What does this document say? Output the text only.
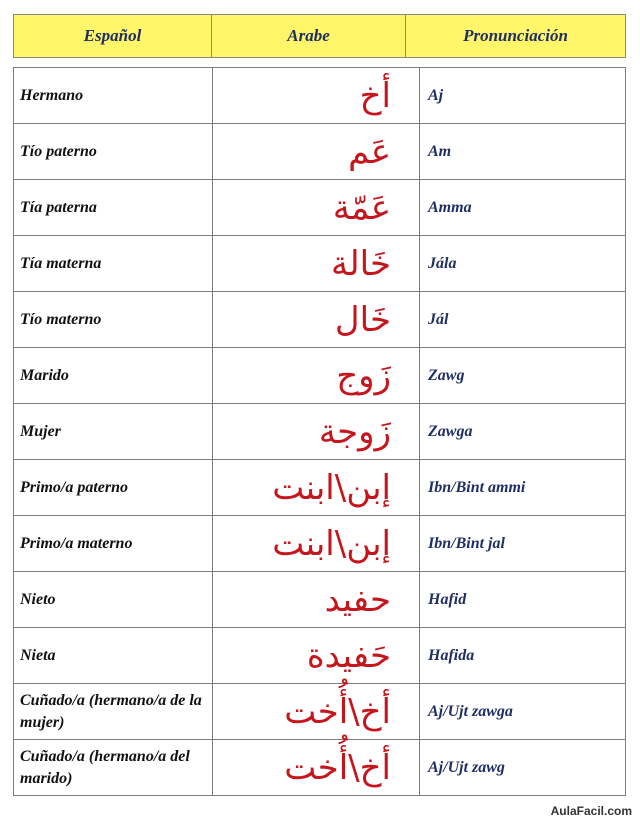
Español	Arabe	Pronunciación
Hermano	أخ	Aj
Tío paterno	عَم	Am
Tía paterna	عَمّة	Amma
Tía materna	خَالة	Jála
Tío materno	خَال	Jál
Marido	زَوج	Zawg
Mujer	زَوجة	Zawga
Primo/a paterno	إبن\ابنت	Ibn/Bint ammi
Primo/a materno	إبن\ابنت	Ibn/Bint jal
Nieto	حفيد	Hafid
Nieta	حَفيدة	Hafida
Cuñado/a (hermano/a de la mujer)	أخ\أُخت	Aj/Ujt zawga
Cuñado/a (hermano/a del marido)	أخ\أُخت	Aj/Ujt zawg
AulaFacil.com
